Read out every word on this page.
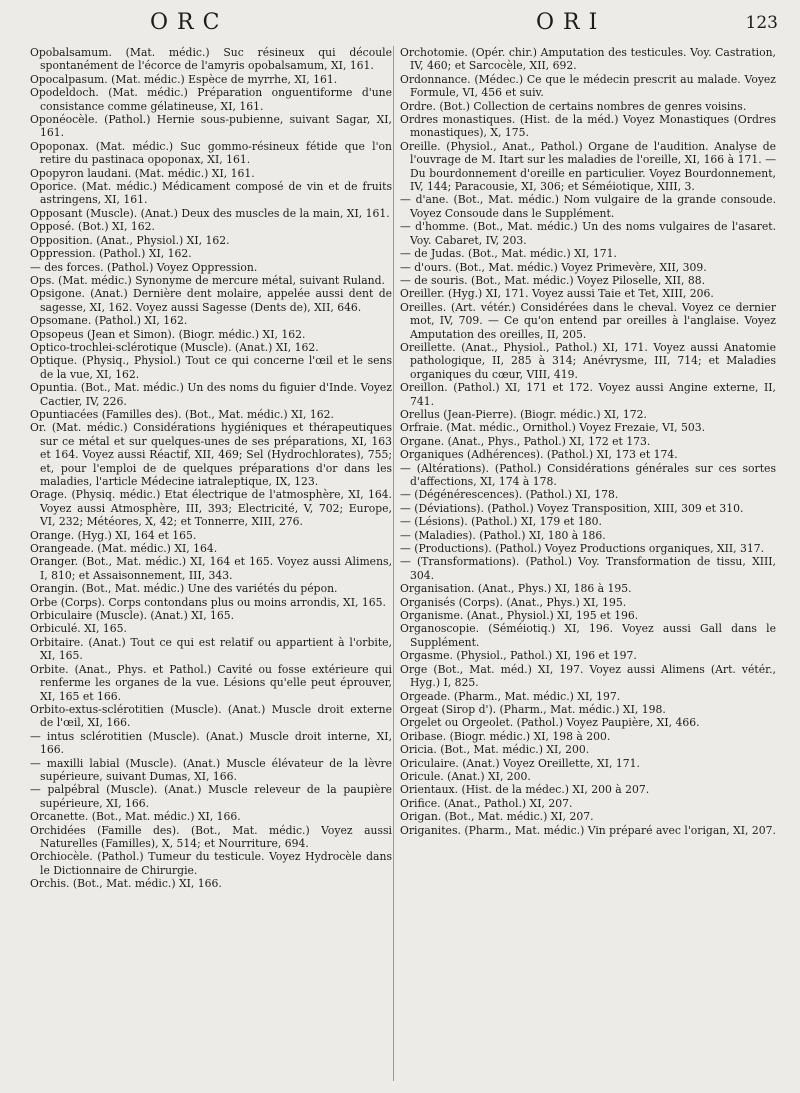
ORC	ORI	123

Opobalsamum. (Mat. médic.) Suc résineux qui découle spontanément de l'écorce de l'amyris opobalsamum, XI, 161.

Opocalpasum. (Mat. médic.) Espèce de myrrhe, XI, 161.

Opodeldoch. (Mat. médic.) Préparation onguentiforme d'une consistance comme gélatineuse, XI, 161.

Oponéocèle. (Pathol.) Hernie sous-pubienne, suivant Sagar, XI, 161.

Opoponax. (Mat. médic.) Suc gommo-résineux fétide que l'on retire du pastinaca opoponax, XI, 161.

Opopyron laudani. (Mat. médic.) XI, 161.

Oporice. (Mat. médic.) Médicament composé de vin et de fruits astringens, XI, 161.

Opposant (Muscle). (Anat.) Deux des muscles de la main, XI, 161.

Opposé. (Bot.) XI, 162.

Opposition. (Anat., Physiol.) XI, 162.

Oppression. (Pathol.) XI, 162.

— des forces. (Pathol.) Voyez Oppression.

Ops. (Mat. médic.) Synonyme de mercure métal, suivant Ruland.

Opsigone. (Anat.) Dernière dent molaire, appelée aussi dent de sagesse, XI, 162. Voyez aussi Sagesse (Dents de), XII, 646.

Opsomane. (Pathol.) XI, 162.

Opsopeus (Jean et Simon). (Biogr. médic.) XI, 162.

Optico-trochlei-sclérotique (Muscle). (Anat.) XI, 162.

Optique. (Physiq., Physiol.) Tout ce qui concerne l'œil et le sens de la vue, XI, 162.

Opuntia. (Bot., Mat. médic.) Un des noms du figuier d'Inde. Voyez Cactier, IV, 226.

Opuntiacées (Familles des). (Bot., Mat. médic.) XI, 162.

Or. (Mat. médic.) Considérations hygiéniques et thérapeutiques sur ce métal et sur quelques-unes de ses préparations, XI, 163 et 164. Voyez aussi Réactif, XII, 469; Sel (Hydrochlorates), 755; et, pour l'emploi de de quelques préparations d'or dans les maladies, l'article Médecine iatraleptique, IX, 123.

Orage. (Physiq. médic.) Etat électrique de l'atmosphère, XI, 164. Voyez aussi Atmosphère, III, 393; Electricité, V, 702; Europe, VI, 232; Météores, X, 42; et Tonnerre, XIII, 276.

Orange. (Hyg.) XI, 164 et 165.

Orangeade. (Mat. médic.) XI, 164.

Oranger. (Bot., Mat. médic.) XI, 164 et 165. Voyez aussi Alimens, I, 810; et Assaisonnement, III, 343.

Orangin. (Bot., Mat. médic.) Une des variétés du pépon.

Orbe (Corps). Corps contondans plus ou moins arrondis, XI, 165.

Orbiculaire (Muscle). (Anat.) XI, 165.

Orbiculé. XI, 165.

Orbitaire. (Anat.) Tout ce qui est relatif ou appartient à l'orbite, XI, 165.

Orbite. (Anat., Phys. et Pathol.) Cavité ou fosse extérieure qui renferme les organes de la vue. Lésions qu'elle peut éprouver, XI, 165 et 166.

Orbito-extus-sclérotitien (Muscle). (Anat.) Muscle droit externe de l'œil, XI, 166.

— intus sclérotitien (Muscle). (Anat.) Muscle droit interne, XI, 166.

— maxilli labial (Muscle). (Anat.) Muscle élévateur de la lèvre supérieure, suivant Dumas, XI, 166.

— palpébral (Muscle). (Anat.) Muscle releveur de la paupière supérieure, XI, 166.

Orcanette. (Bot., Mat. médic.) XI, 166.

Orchidées (Famille des). (Bot., Mat. médic.) Voyez aussi Naturelles (Familles), X, 514; et Nourriture, 694.

Orchiocèle. (Pathol.) Tumeur du testicule. Voyez Hydrocèle dans le Dictionnaire de Chirurgie.

Orchis. (Bot., Mat. médic.) XI, 166.

Orchotomie. (Opér. chir.) Amputation des testicules. Voy. Castration, IV, 460; et Sarcocèle, XII, 692.

Ordonnance. (Médec.) Ce que le médecin prescrit au malade. Voyez Formule, VI, 456 et suiv.

Ordre. (Bot.) Collection de certains nombres de genres voisins.

Ordres monastiques. (Hist. de la méd.) Voyez Monastiques (Ordres monastiques), X, 175.

Oreille. (Physiol., Anat., Pathol.) Organe de l'audition. Analyse de l'ouvrage de M. Itart sur les maladies de l'oreille, XI, 166 à 171. — Du bourdonnement d'oreille en particulier. Voyez Bourdonnement, IV, 144; Paracousie, XI, 306; et Séméiotique, XIII, 3.

— d'ane. (Bot., Mat. médic.) Nom vulgaire de la grande consoude. Voyez Consoude dans le Supplément.

— d'homme. (Bot., Mat. médic.) Un des noms vulgaires de l'asaret. Voy. Cabaret, IV, 203.

— de Judas. (Bot., Mat. médic.) XI, 171.

— d'ours. (Bot., Mat. médic.) Voyez Primevère, XII, 309.

— de souris. (Bot., Mat. médic.) Voyez Piloselle, XII, 88.

Oreiller. (Hyg.) XI, 171. Voyez aussi Taie et Tet, XIII, 206.

Oreilles. (Art. vétér.) Considérées dans le cheval. Voyez ce dernier mot, IV, 709. — Ce qu'on entend par oreilles à l'anglaise. Voyez Amputation des oreilles, II, 205.

Oreillette. (Anat., Physiol., Pathol.) XI, 171. Voyez aussi Anatomie pathologique, II, 285 à 314; Anévrysme, III, 714; et Maladies organiques du cœur, VIII, 419.

Oreillon. (Pathol.) XI, 171 et 172. Voyez aussi Angine externe, II, 741.

Orellus (Jean-Pierre). (Biogr. médic.) XI, 172.

Orfraie. (Mat. médic., Ornithol.) Voyez Frezaie, VI, 503.

Organe. (Anat., Phys., Pathol.) XI, 172 et 173.

Organiques (Adhérences). (Pathol.) XI, 173 et 174.

— (Altérations). (Pathol.) Considérations générales sur ces sortes d'affections, XI, 174 à 178.

— (Dégénérescences). (Pathol.) XI, 178.

— (Déviations). (Pathol.) Voyez Transposition, XIII, 309 et 310.

— (Lésions). (Pathol.) XI, 179 et 180.

— (Maladies). (Pathol.) XI, 180 à 186.

— (Productions). (Pathol.) Voyez Productions organiques, XII, 317.

— (Transformations). (Pathol.) Voy. Transformation de tissu, XIII, 304.

Organisation. (Anat., Phys.) XI, 186 à 195.

Organisés (Corps). (Anat., Phys.) XI, 195.

Organisme. (Anat., Physiol.) XI, 195 et 196.

Organoscopie. (Séméiotiq.) XI, 196. Voyez aussi Gall dans le Supplément.

Orgasme. (Physiol., Pathol.) XI, 196 et 197.

Orge (Bot., Mat. méd.) XI, 197. Voyez aussi Alimens (Art. vétér., Hyg.) I, 825.

Orgeade. (Pharm., Mat. médic.) XI, 197.

Orgeat (Sirop d'). (Pharm., Mat. médic.) XI, 198.

Orgelet ou Orgeolet. (Pathol.) Voyez Paupière, XI, 466.

Oribase. (Biogr. médic.) XI, 198 à 200.

Oricia. (Bot., Mat. médic.) XI, 200.

Oriculaire. (Anat.) Voyez Oreillette, XI, 171.

Oricule. (Anat.) XI, 200.

Orientaux. (Hist. de la médec.) XI, 200 à 207.

Orifice. (Anat., Pathol.) XI, 207.

Origan. (Bot., Mat. médic.) XI, 207.

Origanites. (Pharm., Mat. médic.) Vin préparé avec l'origan, XI, 207.
